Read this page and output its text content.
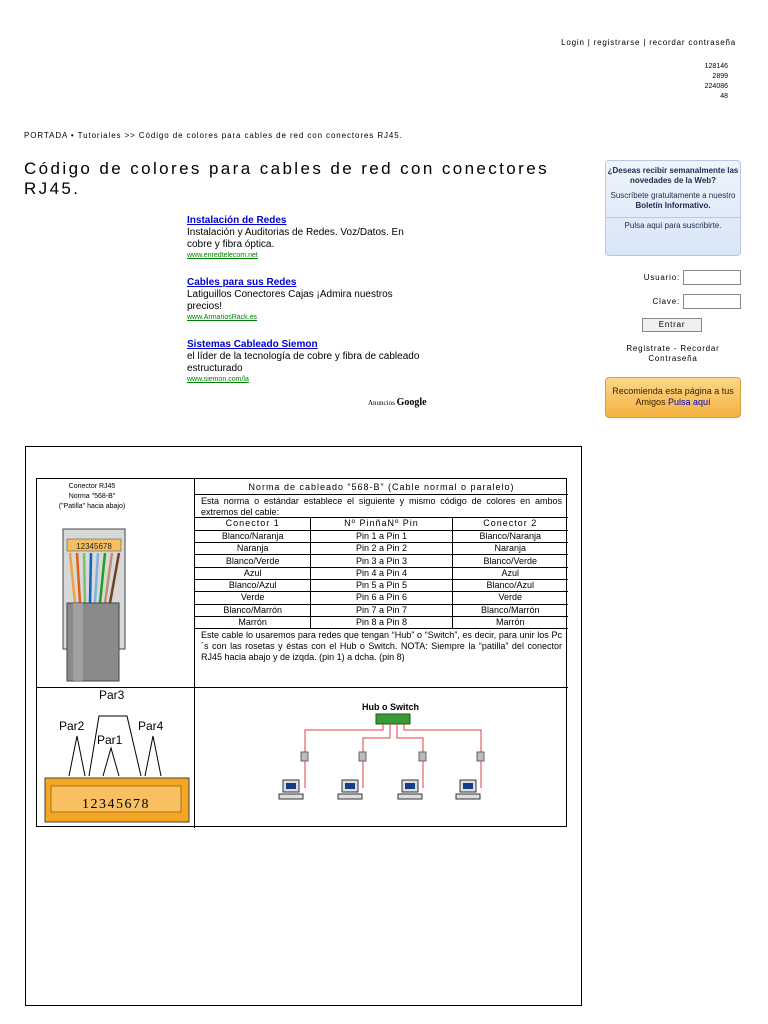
Login | registrarse | recordar contraseña
128146
2899
224086
48
PORTADA • Tutoriales >> Código de colores para cables de red con conectores RJ45.
Código de colores para cables de red con conectores RJ45.
Instalación de Redes
Instalación y Auditorias de Redes. Voz/Datos. En cobre y fibra óptica.
www.enredtelecom.net
Cables para sus Redes
Latiguillos Conectores Cajas ¡Admira nuestros precios!
www.ArmariosRack.es
Sistemas Cableado Siemon
el líder de la tecnología de cobre y fibra de cableado estructurado
www.siemon.com/la
Anuncios Google
¿Deseas recibir semanalmente las novedades de la Web?
Suscríbete gratuitamente a nuestro
Boletín Informativo.
Pulsa aquí para suscribirte.
Usuario:
Clave:
Entrar
Registrate - Recordar Contraseña
Recomienda esta página a tus Amigos Pulsa aquí
Conector RJ45
Norma "568-B"
("Patilla" hacia abajo)
12345678
Norma de cableado “568-B” (Cable normal o paralelo)
Esta norma o estándar establece el siguiente y mismo código de colores en ambos extremos del cable:
Conector 1	Nº PinñaNº Pin	Conector 2
Blanco/Naranja	Pin 1 a Pin 1	Blanco/Naranja
Naranja	Pin 2 a Pin 2	Naranja
Blanco/Verde	Pin 3 a Pin 3	Blanco/Verde
Azul	Pin 4 a Pin 4	Azul
Blanco/Azul	Pin 5 a Pin 5	Blanco/Azul
Verde	Pin 6 a Pin 6	Verde
Blanco/Marrón	Pin 7 a Pin 7	Blanco/Marrón
Marrón	Pin 8 a Pin 8	Marrón
Este cable lo usaremos para redes que tengan “Hub” o “Switch”, es decir, para unir los Pc´s con las rosetas y éstas con el Hub o Switch. NOTA: Siempre la “patilla” del conector RJ45 hacia abajo y de izqda. (pin 1) a dcha. (pin 8)
Par3
Par2
Par1
Par4
12345678
Hub o Switch
